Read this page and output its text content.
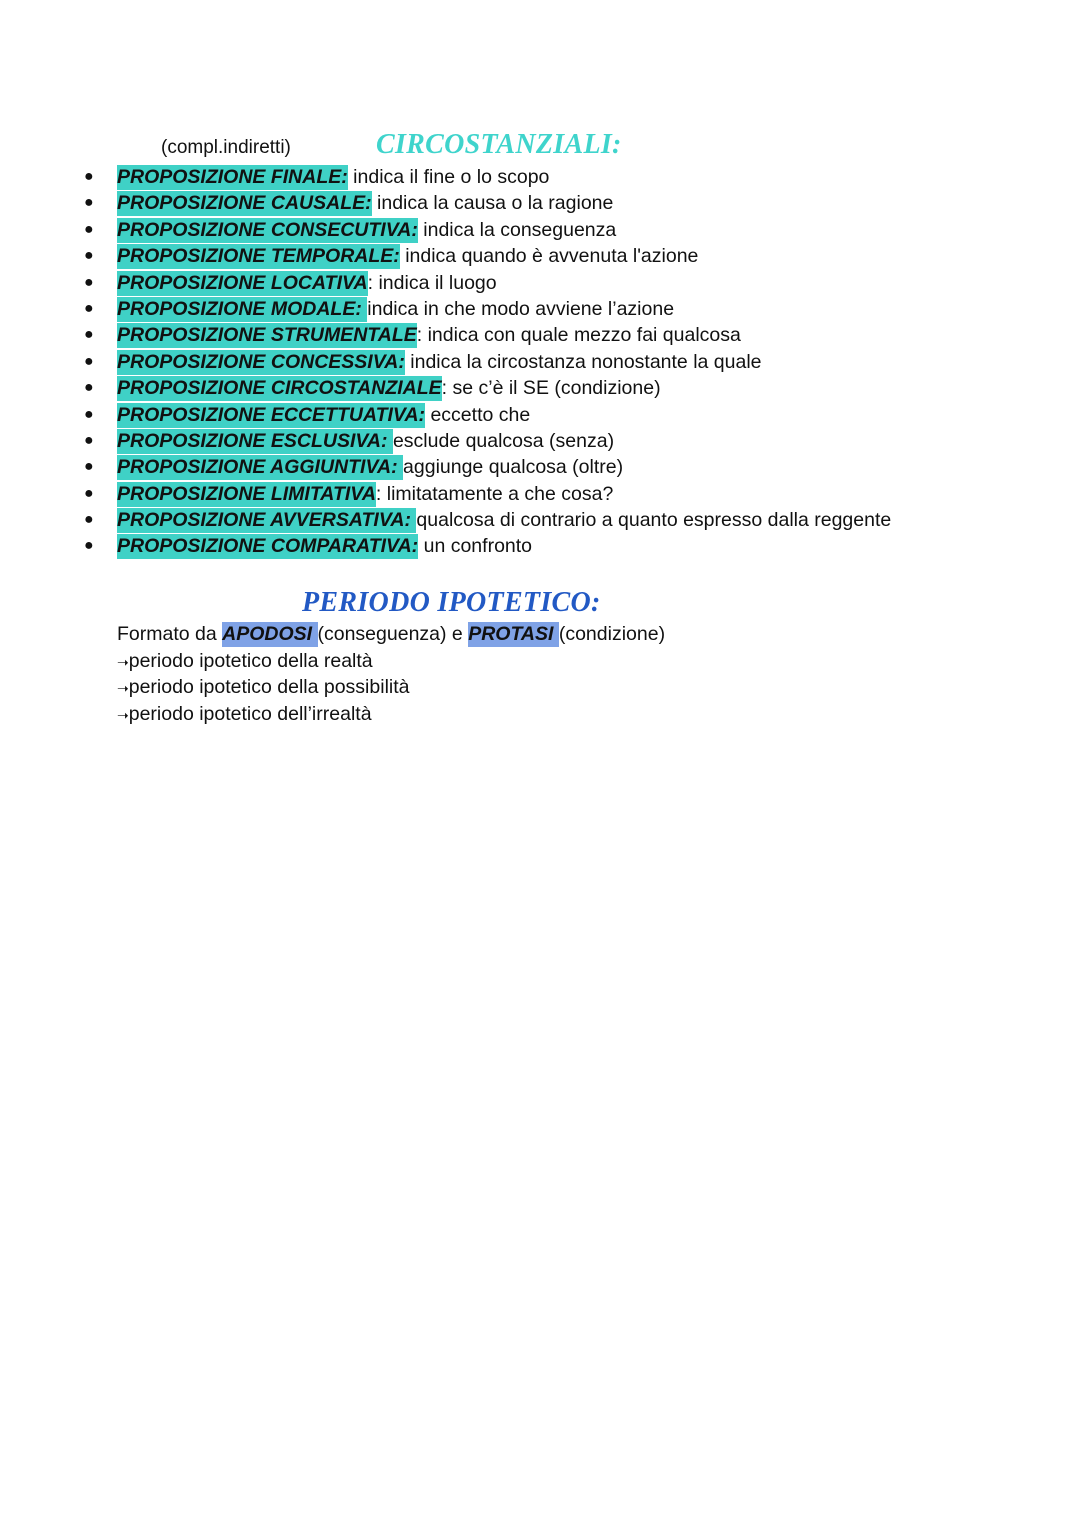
(compl.indiretti)	CIRCOSTANZIALI:
● PROPOSIZIONE FINALE: indica il fine o lo scopo
● PROPOSIZIONE CAUSALE: indica la causa o la ragione
● PROPOSIZIONE CONSECUTIVA: indica la conseguenza
● PROPOSIZIONE TEMPORALE: indica quando è avvenuta l'azione
● PROPOSIZIONE LOCATIVA: indica il luogo
● PROPOSIZIONE MODALE: indica in che modo avviene l’azione
● PROPOSIZIONE STRUMENTALE: indica con quale mezzo fai qualcosa
● PROPOSIZIONE CONCESSIVA: indica la circostanza nonostante la quale
● PROPOSIZIONE CIRCOSTANZIALE: se c’è il SE (condizione)
● PROPOSIZIONE ECCETTUATIVA: eccetto che
● PROPOSIZIONE ESCLUSIVA: esclude qualcosa (senza)
● PROPOSIZIONE AGGIUNTIVA: aggiunge qualcosa (oltre)
● PROPOSIZIONE LIMITATIVA: limitatamente a che cosa?
● PROPOSIZIONE AVVERSATIVA: qualcosa di contrario a quanto espresso dalla reggente
● PROPOSIZIONE COMPARATIVA: un confronto
PERIODO IPOTETICO:
Formato da APODOSI (conseguenza) e PROTASI (condizione)
➝periodo ipotetico della realtà
➝periodo ipotetico della possibilità
➝periodo ipotetico dell’irrealtà
